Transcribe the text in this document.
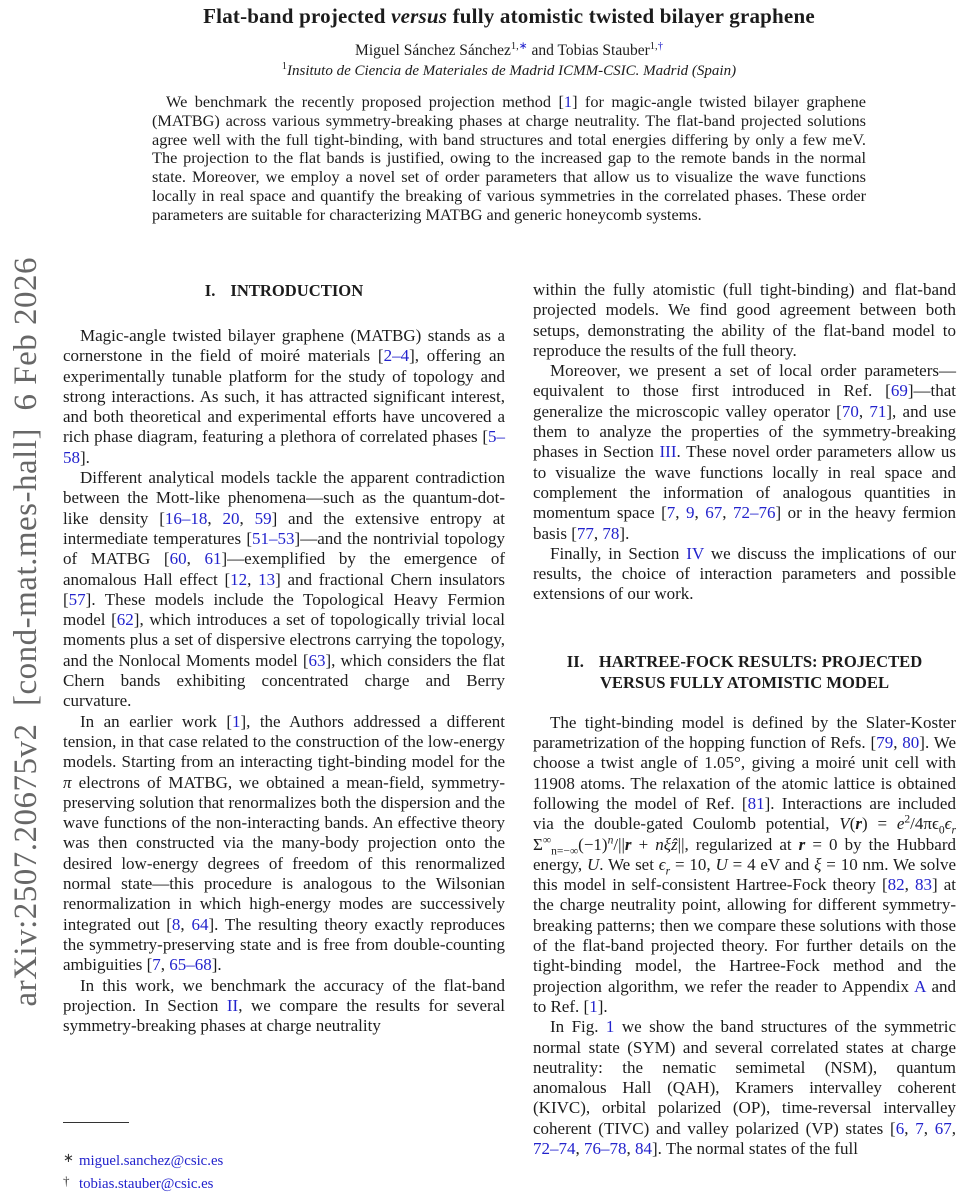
arXiv:2507.20675v2  [cond-mat.mes-hall]  6 Feb 2026
Flat-band projected versus fully atomistic twisted bilayer graphene
Miguel Sánchez Sánchez$^{1,∗}$ and Tobias Stauber$^{1,\dagger}$
$^1$Insituto de Ciencia de Materiales de Madrid ICMM-CSIC. Madrid (Spain)
We benchmark the recently proposed projection method [1] for magic-angle twisted bilayer graphene (MATBG) across various symmetry-breaking phases at charge neutrality. The flat-band projected solutions agree well with the full tight-binding, with band structures and total energies differing by only a few meV. The projection to the flat bands is justified, owing to the increased gap to the remote bands in the normal state. Moreover, we employ a novel set of order parameters that allow us to visualize the wave functions locally in real space and quantify the breaking of various symmetries in the correlated phases. These order parameters are suitable for characterizing MATBG and generic honeycomb systems.
I. INTRODUCTION

Magic-angle twisted bilayer graphene (MATBG) stands as a cornerstone in the field of moiré materials [2–4], offering an experimentally tunable platform for the study of topology and strong interactions. As such, it has attracted significant interest, and both theoretical and experimental efforts have uncovered a rich phase diagram, featuring a plethora of correlated phases [5–58].

Different analytical models tackle the apparent contradiction between the Mott-like phenomena—such as the quantum-dot-like density [16–18, 20, 59] and the extensive entropy at intermediate temperatures [51–53]—and the nontrivial topology of MATBG [60, 61]—exemplified by the emergence of anomalous Hall effect [12, 13] and fractional Chern insulators [57]. These models include the Topological Heavy Fermion model [62], which introduces a set of topologically trivial local moments plus a set of dispersive electrons carrying the topology, and the Nonlocal Moments model [63], which considers the flat Chern bands exhibiting concentrated charge and Berry curvature.

In an earlier work [1], the Authors addressed a different tension, in that case related to the construction of the low-energy models. Starting from an interacting tight-binding model for the π electrons of MATBG, we obtained a mean-field, symmetry-preserving solution that renormalizes both the dispersion and the wave functions of the non-interacting bands. An effective theory was then constructed via the many-body projection onto the desired low-energy degrees of freedom of this renormalized normal state—this procedure is analogous to the Wilsonian renormalization in which high-energy modes are successively integrated out [8, 64]. The resulting theory exactly reproduces the symmetry-preserving state and is free from double-counting ambiguities [7, 65–68].

In this work, we benchmark the accuracy of the flat-band projection. In Section II, we compare the results for several symmetry-breaking phases at charge neutrality

within the fully atomistic (full tight-binding) and flat-band projected models. We find good agreement between both setups, demonstrating the ability of the flat-band model to reproduce the results of the full theory.

Moreover, we present a set of local order parameters—equivalent to those first introduced in Ref. [69]—that generalize the microscopic valley operator [70, 71], and use them to analyze the properties of the symmetry-breaking phases in Section III. These novel order parameters allow us to visualize the wave functions locally in real space and complement the information of analogous quantities in momentum space [7, 9, 67, 72–76] or in the heavy fermion basis [77, 78].

Finally, in Section IV we discuss the implications of our results, the choice of interaction parameters and possible extensions of our work.

II. HARTREE-FOCK RESULTS: PROJECTED VERSUS FULLY ATOMISTIC MODEL

The tight-binding model is defined by the Slater-Koster parametrization of the hopping function of Refs. [79, 80]. We choose a twist angle of 1.05°, giving a moiré unit cell with 11908 atoms. The relaxation of the atomic lattice is obtained following the model of Ref. [81]. Interactions are included via the double-gated Coulomb potential, $V(r) = e^2/4\pi\epsilon_0\epsilon_r$ $\Sigma^\infty_{n=-\infty}(-1)^n/||r$ + nξẑ||, regularized at r = 0 by the Hubbard energy, U. We set $\epsilon_r = 10$, U = 4 eV and ξ = 10 nm. We solve this model in self-consistent Hartree-Fock theory [82, 83] at the charge neutrality point, allowing for different symmetry-breaking patterns; then we compare these solutions with those of the flat-band projected theory. For further details on the tight-binding model, the Hartree-Fock method and the projection algorithm, we refer the reader to Appendix A and to Ref. [1].

In Fig. 1 we show the band structures of the symmetric normal state (SYM) and several correlated states at charge neutrality: the nematic semimetal (NSM), quantum anomalous Hall (QAH), Kramers intervalley coherent (KIVC), orbital polarized (OP), time-reversal intervalley coherent (TIVC) and valley polarized (VP) states [6, 7, 67, 72–74, 76–78, 84]. The normal states of the full

∗ miguel.sanchez@csic.es
† tobias.stauber@csic.es
